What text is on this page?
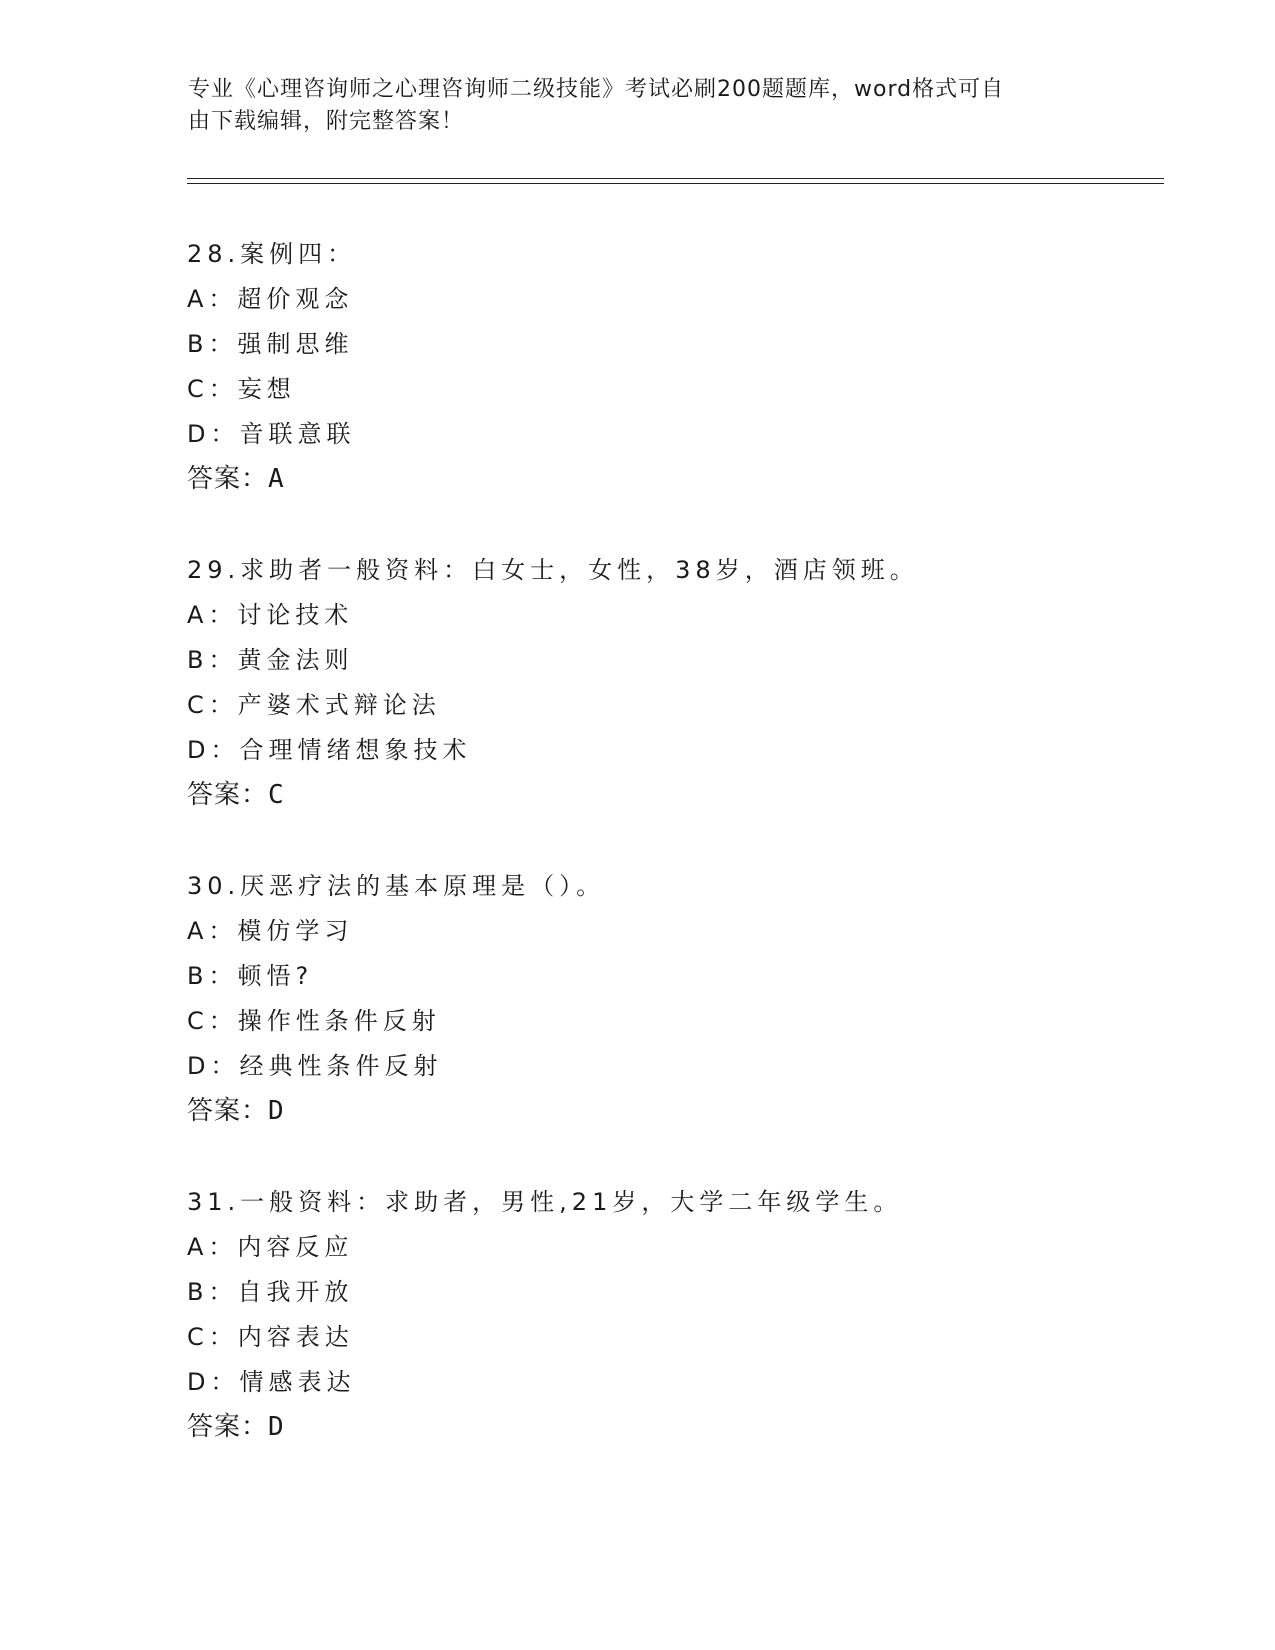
专业《心理咨询师之心理咨询师二级技能》考试必刷200题题库，word格式可自
由下载编辑，附完整答案！
28.案例四：
A：超价观念
B：强制思维
C：妄想
D：音联意联
答案：A
29.求助者一般资料：白女士，女性，38岁，酒店领班。
A：讨论技术
B：黄金法则
C：产婆术式辩论法
D：合理情绪想象技术
答案：C
30.厌恶疗法的基本原理是（）。
A：模仿学习
B：顿悟?
C：操作性条件反射
D：经典性条件反射
答案：D
31.一般资料：求助者，男性,21岁，大学二年级学生。
A：内容反应
B：自我开放
C：内容表达
D：情感表达
答案：D
